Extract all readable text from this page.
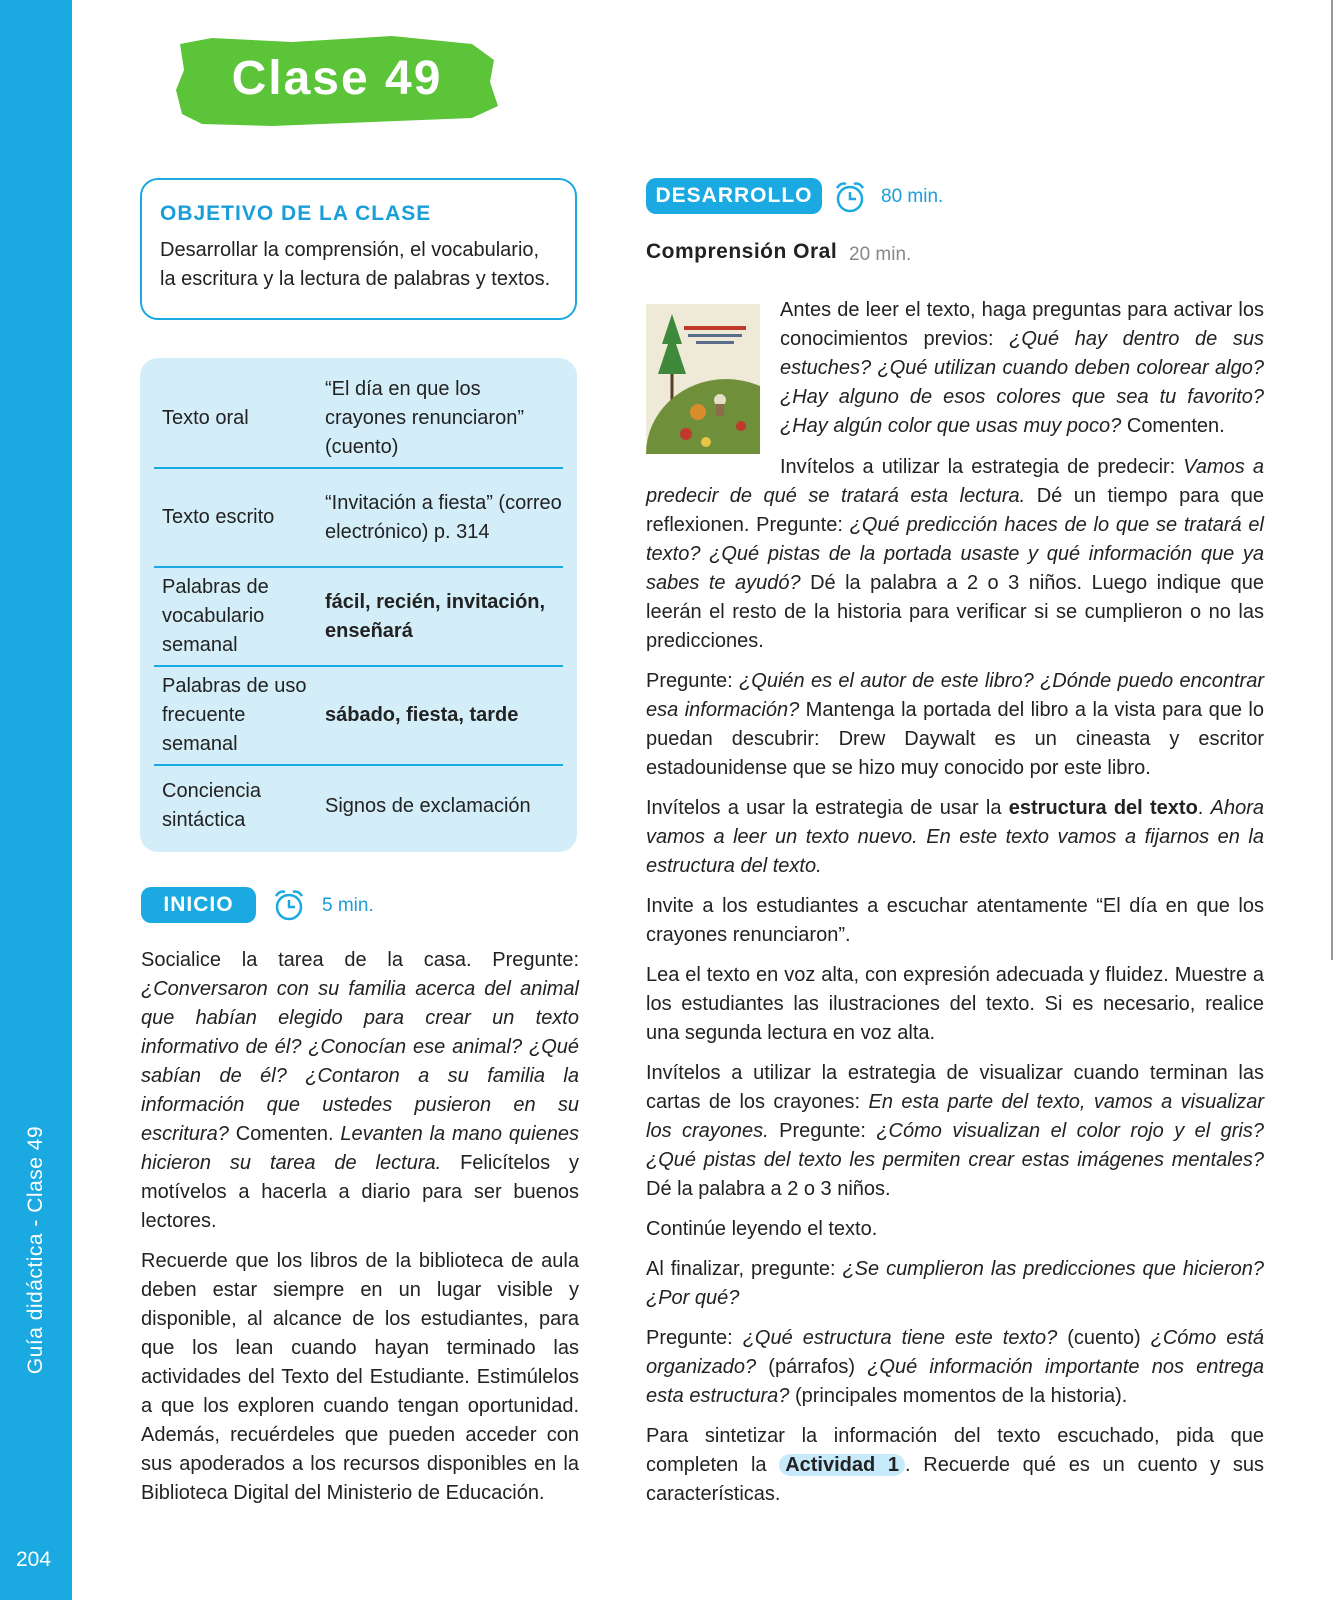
Guía didáctica - Clase 49
204
Clase 49

OBJETIVO DE LA CLASE

Desarrollar la comprensión, el vocabulario, la escritura y la lectura de palabras y textos.

Texto oral
“El día en que los crayones renunciaron” (cuento)
Texto escrito
“Invitación a fiesta” (correo electrónico) p. 314
Palabras de vocabulario semanal
fácil, recién, invitación, enseñará
Palabras de uso frecuente semanal
sábado, fiesta, tarde
Conciencia sintáctica
Signos de exclamación
INICIO	5 min.

Socialice la tarea de la casa. Pregunte: ¿Conversaron con su familia acerca del animal que habían elegido para crear un texto informativo de él? ¿Conocían ese animal? ¿Qué sabían de él? ¿Contaron a su familia la información que ustedes pusieron en su escritura? Comenten. Levanten la mano quienes hicieron su tarea de lectura. Felicítelos y motívelos a hacerla a diario para ser buenos lectores.

Recuerde que los libros de la biblioteca de aula deben estar siempre en un lugar visible y disponible, al alcance de los estudiantes, para que los lean cuando hayan terminado las actividades del Texto del Estudiante. Estimúlelos a que los exploren cuando tengan oportunidad. Además, recuérdeles que pueden acceder con sus apoderados a los recursos disponibles en la Biblioteca Digital del Ministerio de Educación.

DESARROLLO	80 min.
Comprensión Oral 20 min.

Antes de leer el texto, haga preguntas para activar los conocimientos previos: ¿Qué hay dentro de sus estuches? ¿Qué utilizan cuando deben colorear algo? ¿Hay alguno de esos colores que sea tu favorito? ¿Hay algún color que usas muy poco? Comenten.

Invítelos a utilizar la estrategia de predecir: Vamos a predecir de qué se tratará esta lectura. Dé un tiempo para que reflexionen. Pregunte: ¿Qué predicción haces de lo que se tratará el texto? ¿Qué pistas de la portada usaste y qué información que ya sabes te ayudó? Dé la palabra a 2 o 3 niños. Luego indique que leerán el resto de la historia para verificar si se cumplieron o no las predicciones.

Pregunte: ¿Quién es el autor de este libro? ¿Dónde puedo encontrar esa información? Mantenga la portada del libro a la vista para que lo puedan descubrir: Drew Daywalt es un cineasta y escritor estadounidense que se hizo muy conocido por este libro.

Invítelos a usar la estrategia de usar la estructura del texto. Ahora vamos a leer un texto nuevo. En este texto vamos a fijarnos en la estructura del texto.

Invite a los estudiantes a escuchar atentamente “El día en que los crayones renunciaron”.

Lea el texto en voz alta, con expresión adecuada y fluidez. Muestre a los estudiantes las ilustraciones del texto. Si es necesario, realice una segunda lectura en voz alta.

Invítelos a utilizar la estrategia de visualizar cuando terminan las cartas de los crayones: En esta parte del texto, vamos a visualizar los crayones. Pregunte: ¿Cómo visualizan el color rojo y el gris? ¿Qué pistas del texto les permiten crear estas imágenes mentales? Dé la palabra a 2 o 3 niños.

Continúe leyendo el texto.

Al finalizar, pregunte: ¿Se cumplieron las predicciones que hicieron? ¿Por qué?

Pregunte: ¿Qué estructura tiene este texto? (cuento) ¿Cómo está organizado? (párrafos) ¿Qué información importante nos entrega esta estructura? (principales momentos de la historia).

Para sintetizar la información del texto escuchado, pida que completen la Actividad 1 . Recuerde qué es un cuento y sus características.
